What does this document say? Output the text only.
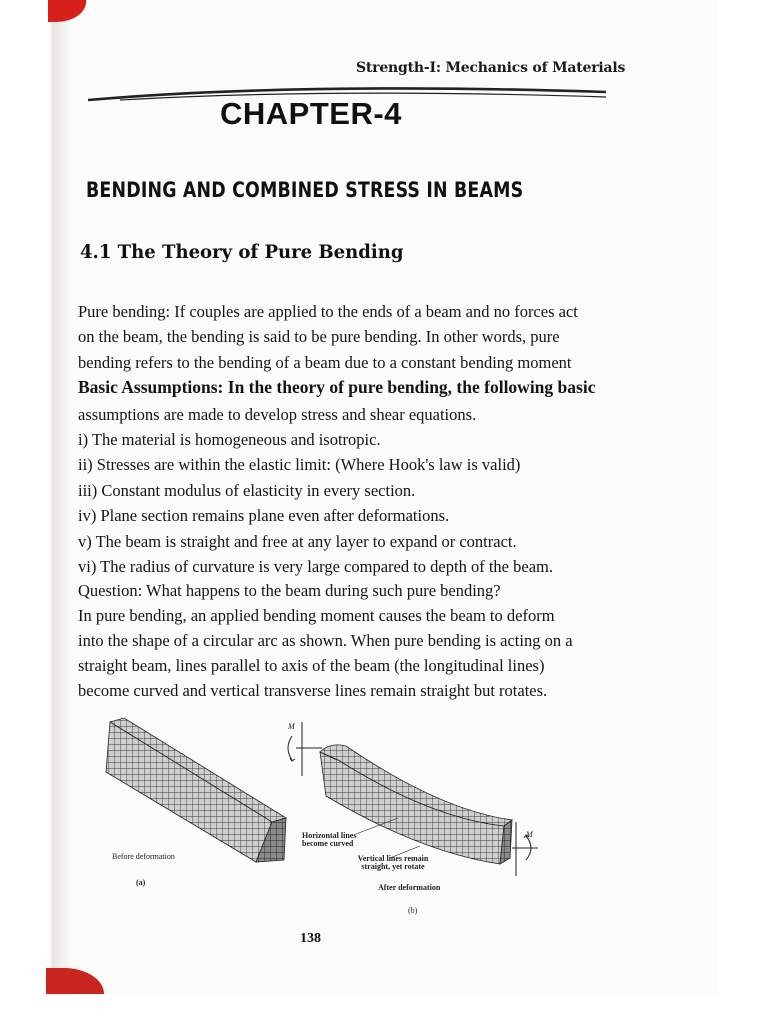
Strength-I: Mechanics of Materials
CHAPTER-4
BENDING AND COMBINED STRESS IN BEAMS
4.1 The Theory of Pure Bending
Pure bending: If couples are applied to the ends of a beam and no forces act
on the beam, the bending is said to be pure bending. In other words, pure
bending refers to the bending of a beam due to a constant bending moment
Basic Assumptions: In the theory of pure bending, the following basic
assumptions are made to develop stress and shear equations.
i) The material is homogeneous and isotropic.
ii) Stresses are within the elastic limit: (Where Hook's law is valid)
iii) Constant modulus of elasticity in every section.
iv) Plane section remains plane even after deformations.
v) The beam is straight and free at any layer to expand or contract.
vi) The radius of curvature is very large compared to depth of the beam.
Question: What happens to the beam during such pure bending?
In pure bending, an applied bending moment causes the beam to deform
into the shape of a circular arc as shown. When pure bending is acting on a
straight beam, lines parallel to axis of the beam (the longitudinal lines)
become curved and vertical transverse lines remain straight but rotates.
Before deformation
(a)
Horizontal lines become curved
Vertical lines remain straight, yet rotate
After deformation
(b)
M
M
138
